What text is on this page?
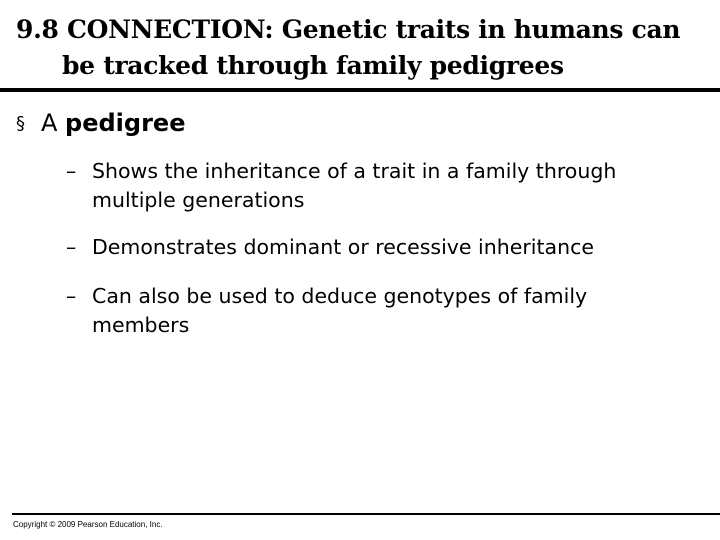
9.8 CONNECTION: Genetic traits in humans can
be tracked through family pedigrees
§ A pedigree
– Shows the inheritance of a trait in a family through multiple generations
– Demonstrates dominant or recessive inheritance
– Can also be used to deduce genotypes of family members
Copyright © 2009 Pearson Education, Inc.
